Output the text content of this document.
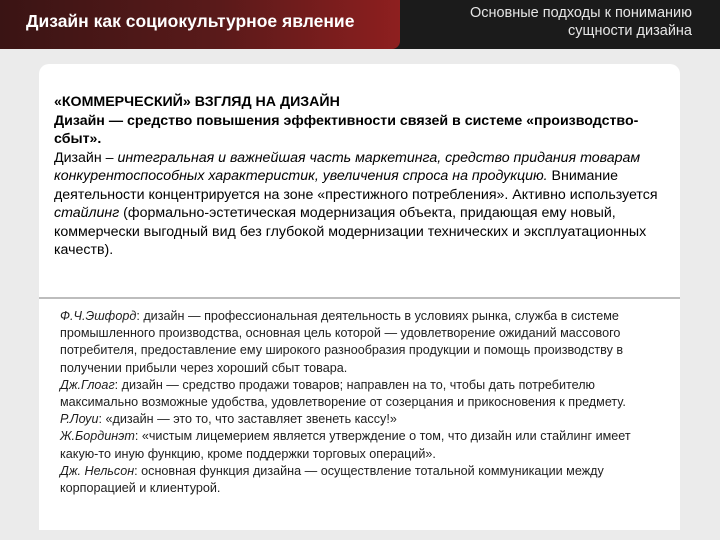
Дизайн как социокультурное явление	Основные подходы к пониманию сущности дизайна

«КОММЕРЧЕСКИЙ» ВЗГЛЯД НА ДИЗАЙН

Дизайн — средство повышения эффективности связей в системе «производство-сбыт».

Дизайн – интегральная и важнейшая часть маркетинга, средство придания товарам конкурентоспособных характеристик, увеличения спроса на продукцию. Внимание деятельности концентрируется на зоне «престижного потребления». Активно используется стайлинг (формально-эстетическая модернизация объекта, придающая ему новый, коммерчески выгодный вид без глубокой модернизации технических и эксплуатационных качеств).

Ф.Ч.Эшфорд: дизайн — профессиональная деятельность в условиях рынка, служба в системе промышленного производства, основная цель которой — удовлетворение ожиданий массового потребителя, предоставление ему широкого разнообразия продукции и помощь производству в получении прибыли через хороший сбыт товара.

Дж.Глоаг: дизайн — средство продажи товаров; направлен на то, чтобы дать потребителю максимально возможные удобства, удовлетворение от созерцания и прикосновения к предмету.

Р.Лоуи: «дизайн — это то, что заставляет звенеть кассу!»

Ж.Бординэт: «чистым лицемерием является утверждение о том, что дизайн или стайлинг имеет какую-то иную функцию, кроме поддержки торговых операций».

Дж. Нельсон: основная функция дизайна — осуществление тотальной коммуникации между корпорацией и клиентурой.
